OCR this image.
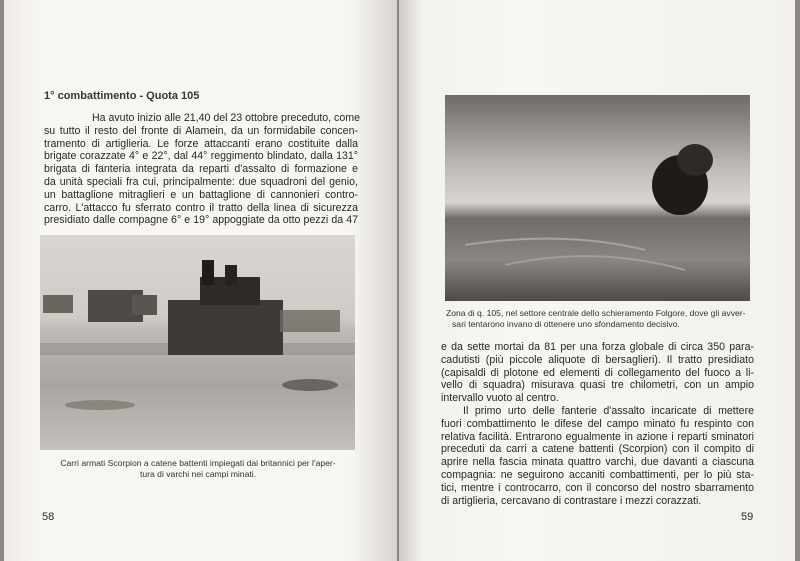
1° combattimento - Quota 105
Ha avuto inizio alle 21,40 del 23 ottobre preceduto, come
su tutto il resto del fronte di Alamein, da un formidabile concen-
tramento di artiglieria. Le forze attaccanti erano costituite dalla
brigate corazzate 4° e 22°, dal 44° reggimento blindato, dalla 131°
brigata di fanteria integrata da reparti d'assalto di formazione e
da unità speciali fra cui, principalmente: due squadroni del genio,
un battaglione mitraglieri e un battaglione di cannonieri contro-
carro. L'attacco fu sferrato contro il tratto della linea di sicurezza
presidiato dalle compagne 6° e 19° appoggiate da otto pezzi da 47
Carri armati Scorpion a catene battenti impiegati dai britannici per l'aper-
tura di varchi nei campi minati.
58
Zona di q. 105, nel settore centrale dello schieramento Folgore, dove gli avver-
sari tentarono invano di ottenere uno sfondamento decisivo.
e da sette mortai da 81 per una forza globale di circa 350 para-
cadutisti (più piccole aliquote di bersaglieri). Il tratto presidiato
(capisaldi di plotone ed elementi di collegamento del fuoco a li-
vello di squadra) misurava quasi tre chilometri, con un ampio
intervallo vuoto al centro.
Il primo urto delle fanterie d'assalto incaricate di mettere
fuori combattimento le difese del campo minato fu respinto con
relativa facilità. Entrarono egualmente in azione i reparti sminatori
preceduti da carri a catene battenti (Scorpion) con il compito di
aprire nella fascia minata quattro varchi, due davanti a ciascuna
compagnia: ne seguirono accaniti combattimenti, per lo più sta-
tici, mentre i controcarro, con il concorso del nostro sbarramento
di artiglieria, cercavano di contrastare i mezzi corazzati.
59
